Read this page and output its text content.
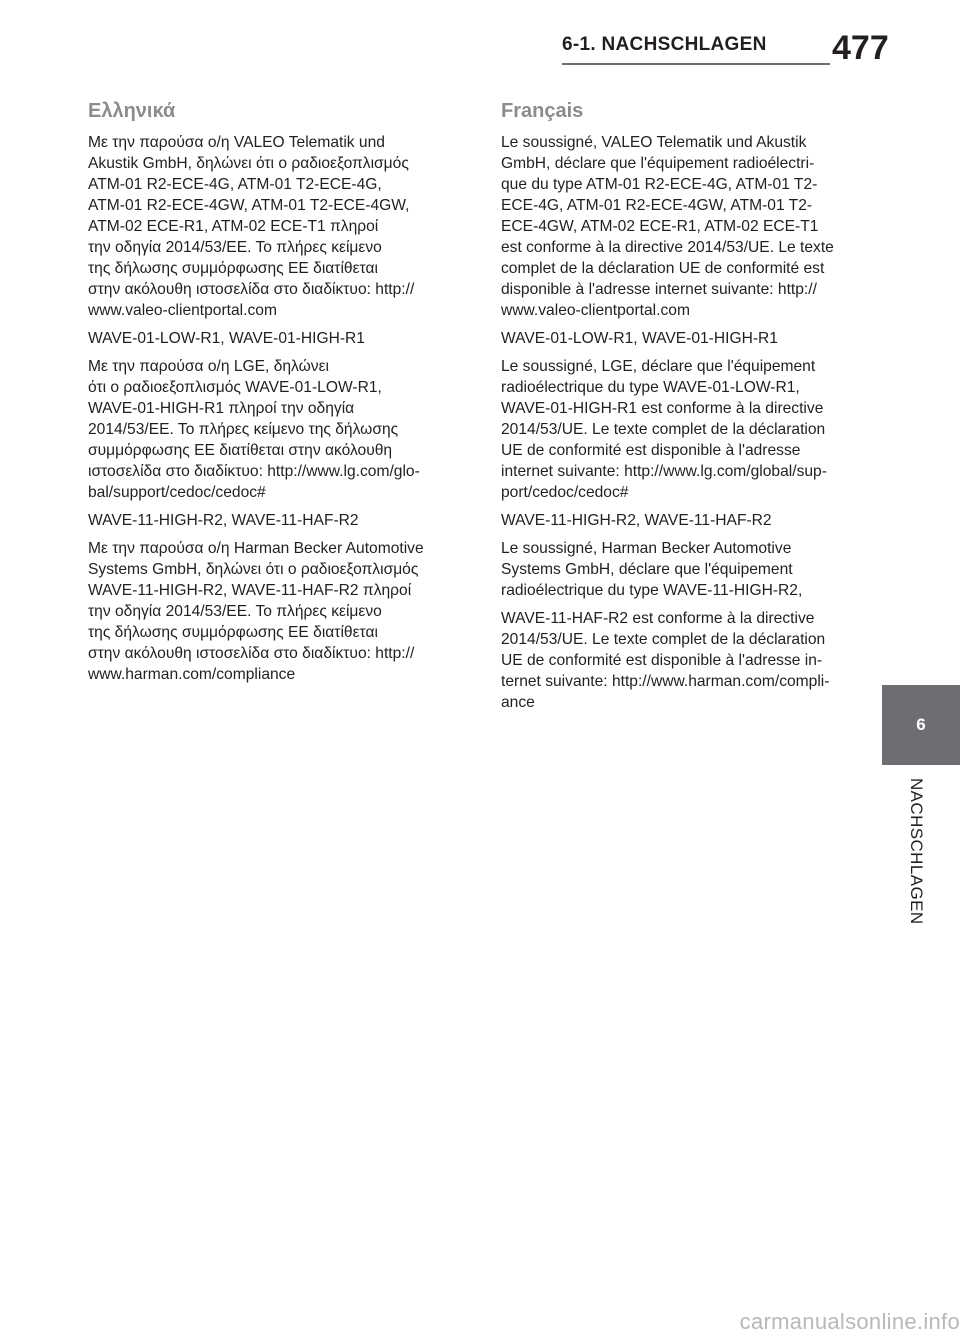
6-1. NACHSCHLAGEN	477
Ελληνικά

Με την παρούσα ο/η VALEO Telematik und
Akustik GmbH, δηλώνει ότι ο ραδιοεξοπλισμός
ATM-01 R2-ECE-4G, ATM-01 T2-ECE-4G,
ATM-01 R2-ECE-4GW, ATM-01 T2-ECE-4GW,
ATM-02 ECE-R1, ATM-02 ECE-T1 πληροί
την οδηγία 2014/53/ΕΕ. Το πλήρες κείμενο
της δήλωσης συμμόρφωσης ΕΕ διατίθεται
στην ακόλουθη ιστοσελίδα στο διαδίκτυο: http://
www.valeo-clientportal.com

WAVE-01-LOW-R1, WAVE-01-HIGH-R1

Με την παρούσα ο/η LGE, δηλώνει
ότι ο ραδιοεξοπλισμός WAVE-01-LOW-R1,
WAVE-01-HIGH-R1 πληροί την οδηγία
2014/53/ΕΕ. Το πλήρες κείμενο της δήλωσης
συμμόρφωσης ΕΕ διατίθεται στην ακόλουθη
ιστοσελίδα στο διαδίκτυο: http://www.lg.com/glo-
bal/support/cedoc/cedoc#

WAVE-11-HIGH-R2, WAVE-11-HAF-R2

Με την παρούσα ο/η Harman Becker Automotive
Systems GmbH, δηλώνει ότι ο ραδιοεξοπλισμός
WAVE-11-HIGH-R2, WAVE-11-HAF-R2 πληροί
την οδηγία 2014/53/ΕΕ. Το πλήρες κείμενο
της δήλωσης συμμόρφωσης ΕΕ διατίθεται
στην ακόλουθη ιστοσελίδα στο διαδίκτυο: http://
www.harman.com/compliance

Français

Le soussigné, VALEO Telematik und Akustik
GmbH, déclare que l'équipement radioélectri-
que du type ATM-01 R2-ECE-4G, ATM-01 T2-
ECE-4G, ATM-01 R2-ECE-4GW, ATM-01 T2-
ECE-4GW, ATM-02 ECE-R1, ATM-02 ECE-T1
est conforme à la directive 2014/53/UE. Le texte
complet de la déclaration UE de conformité est
disponible à l'adresse internet suivante: http://
www.valeo-clientportal.com

WAVE-01-LOW-R1, WAVE-01-HIGH-R1

Le soussigné, LGE, déclare que l'équipement
radioélectrique du type WAVE-01-LOW-R1,
WAVE-01-HIGH-R1 est conforme à la directive
2014/53/UE. Le texte complet de la déclaration
UE de conformité est disponible à l'adresse
internet suivante: http://www.lg.com/global/sup-
port/cedoc/cedoc#

WAVE-11-HIGH-R2, WAVE-11-HAF-R2

Le soussigné, Harman Becker Automotive
Systems GmbH, déclare que l'équipement
radioélectrique du type WAVE-11-HIGH-R2,

WAVE-11-HAF-R2 est conforme à la directive
2014/53/UE. Le texte complet de la déclaration
UE de conformité est disponible à l'adresse in-
ternet suivante: http://www.harman.com/compli-
ance

6
NACHSCHLAGEN
carmanualsonline.info
